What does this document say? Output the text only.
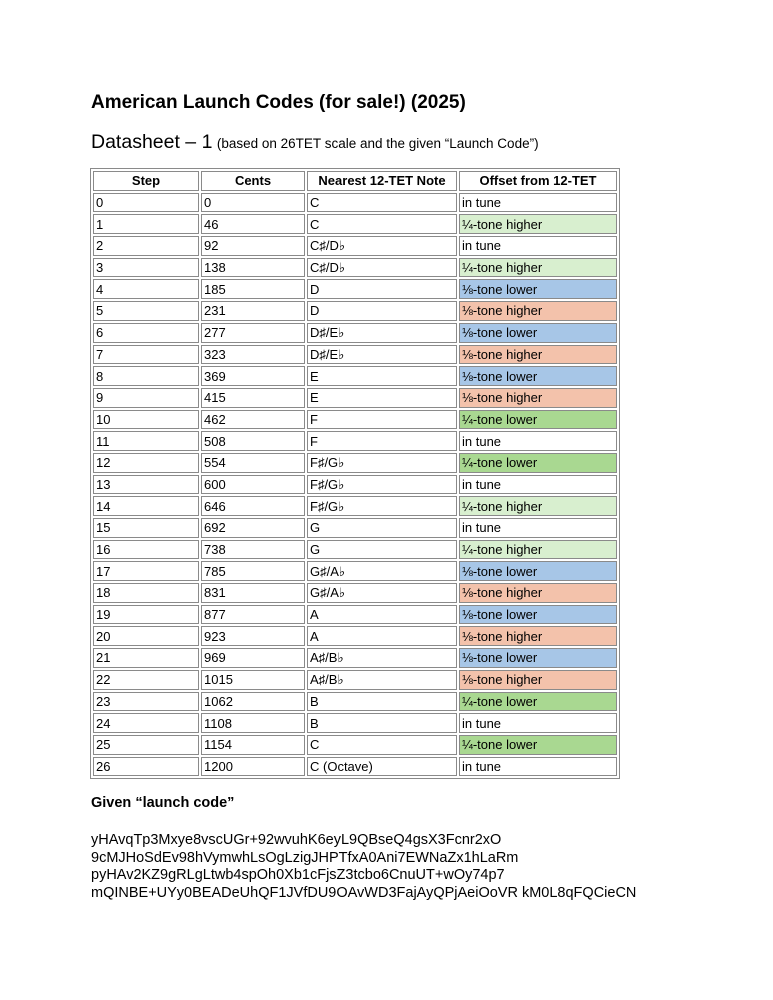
American Launch Codes (for sale!) (2025)
Datasheet – 1 (based on 26TET scale and the given “Launch Code”)
Step	Cents	Nearest 12-TET Note	Offset from 12-TET
0	0	C	in tune
1	46	C	¼-tone higher
2	92	C♯/D♭	in tune
3	138	C♯/D♭	¼-tone higher
4	185	D	⅛-tone lower
5	231	D	⅛-tone higher
6	277	D♯/E♭	⅛-tone lower
7	323	D♯/E♭	⅛-tone higher
8	369	E	⅛-tone lower
9	415	E	⅛-tone higher
10	462	F	¼-tone lower
11	508	F	in tune
12	554	F♯/G♭	¼-tone lower
13	600	F♯/G♭	in tune
14	646	F♯/G♭	¼-tone higher
15	692	G	in tune
16	738	G	¼-tone higher
17	785	G♯/A♭	⅛-tone lower
18	831	G♯/A♭	⅛-tone higher
19	877	A	⅛-tone lower
20	923	A	⅛-tone higher
21	969	A♯/B♭	⅛-tone lower
22	1015	A♯/B♭	⅛-tone higher
23	1062	B	¼-tone lower
24	1108	B	in tune
25	1154	C	¼-tone lower
26	1200	C (Octave)	in tune
Given “launch code”
yHAvqTp3Mxye8vscUGr+92wvuhK6eyL9QBseQ4gsX3Fcnr2xO
9cMJHoSdEv98hVymwhLsOgLzigJHPTfxA0Ani7EWNaZx1hLaRm
pyHAv2KZ9gRLgLtwb4spOh0Xb1cFjsZ3tcbo6CnuUT+wOy74p7
mQINBE+UYy0BEADeUhQF1JVfDU9OAvWD3FajAyQPjAeiOoVR kM0L8qFQCieCN
